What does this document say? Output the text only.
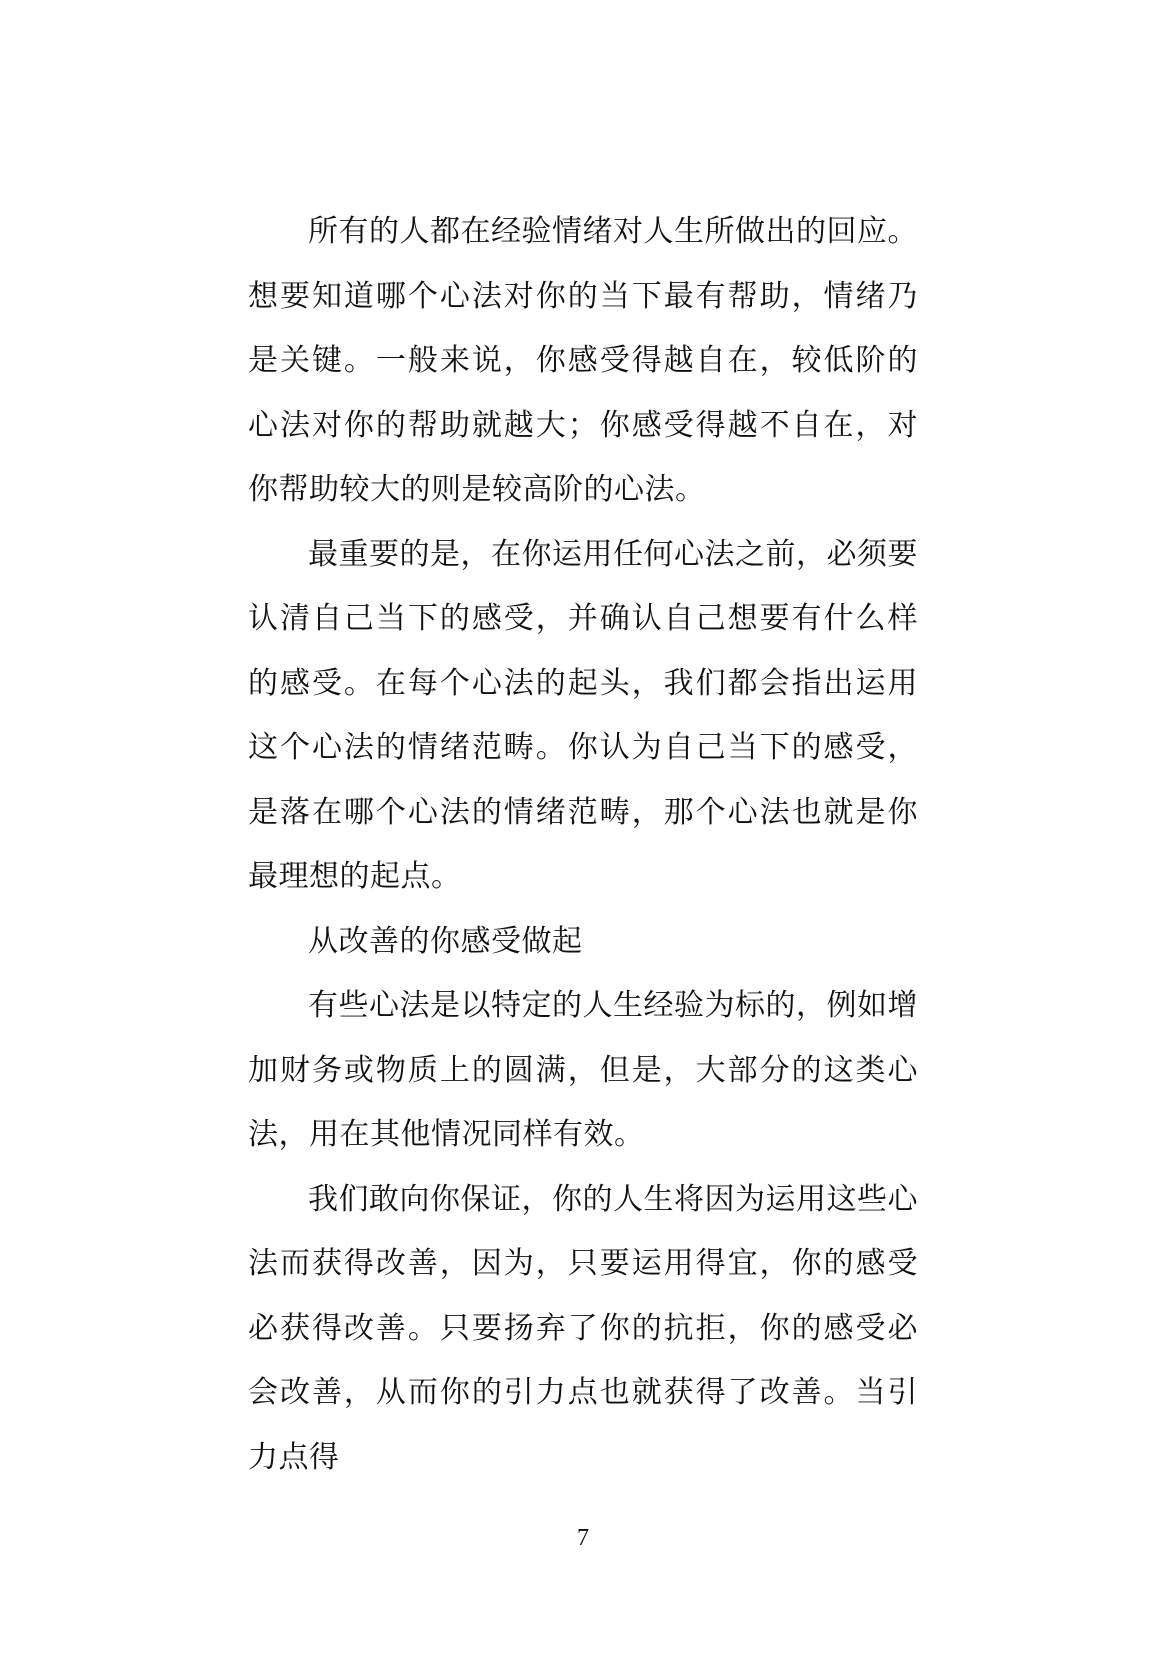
所有的人都在经验情绪对人生所做出的回应。想要知道哪个心法对你的当下最有帮助，情绪乃是关键。一般来说，你感受得越自在，较低阶的心法对你的帮助就越大；你感受得越不自在，对你帮助较大的则是较高阶的心法。

最重要的是，在你运用任何心法之前，必须要认清自己当下的感受，并确认自己想要有什么样的感受。在每个心法的起头，我们都会指出运用这个心法的情绪范畴。你认为自己当下的感受，是落在哪个心法的情绪范畴，那个心法也就是你最理想的起点。

从改善的你感受做起

有些心法是以特定的人生经验为标的，例如增加财务或物质上的圆满，但是，大部分的这类心法，用在其他情况同样有效。

我们敢向你保证，你的人生将因为运用这些心法而获得改善，因为，只要运用得宜，你的感受必获得改善。只要扬弃了你的抗拒，你的感受必会改善，从而你的引力点也就获得了改善。当引力点得

7
